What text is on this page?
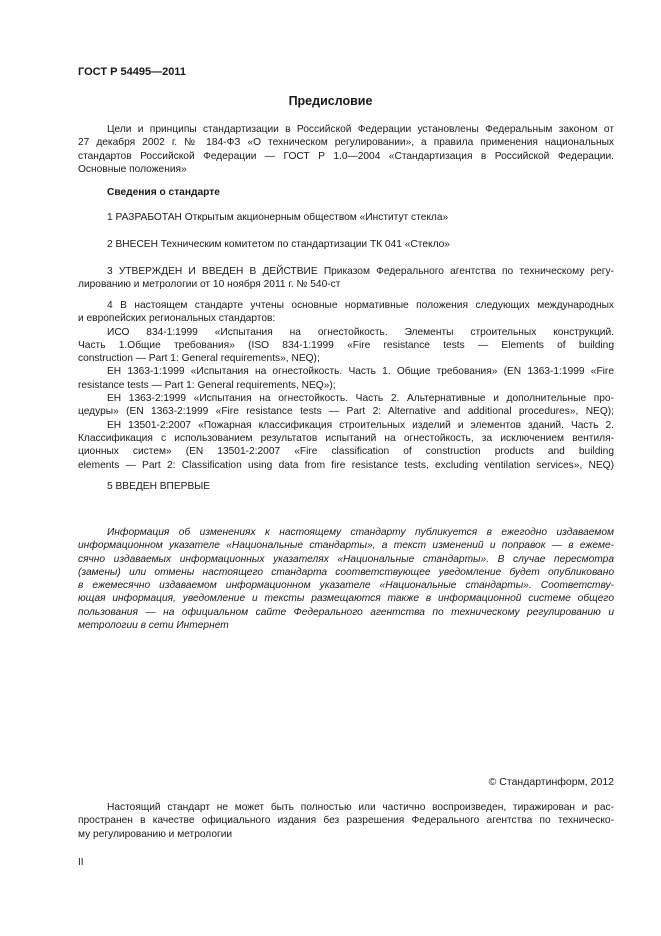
ГОСТ Р 54495—2011
Предисловие
Цели и принципы стандартизации в Российской Федерации установлены Федеральным законом от
27 декабря 2002 г. № 184-ФЗ «О техническом регулировании», а правила применения национальных
стандартов Российской Федерации — ГОСТ Р 1.0—2004 «Стандартизация в Российской Федерации.
Основные положения»
Сведения о стандарте
1 РАЗРАБОТАН Открытым акционерным обществом «Институт стекла»
2 ВНЕСЕН Техническим комитетом по стандартизации ТК 041 «Стекло»
3 УТВЕРЖДЕН И ВВЕДЕН В ДЕЙСТВИЕ Приказом Федерального агентства по техническому регу-
лированию и метрологии от 10 ноября 2011 г. № 540-ст
4 В настоящем стандарте учтены основные нормативные положения следующих международных
и европейских региональных стандартов:
ИСО 834-1:1999 «Испытания на огнестойкость. Элементы строительных конструкций.
Часть 1.Общие требования» (ISO 834-1:1999 «Fire resistance tests — Elements of building
construction — Part 1: General requirements», NEQ);
ЕН 1363-1:1999 «Испытания на огнестойкость. Часть 1. Общие требования» (EN 1363-1:1999 «Fire
resistance tests — Part 1: General requirements, NEQ»);
ЕН 1363-2:1999 «Испытания на огнестойкость. Часть 2. Альтернативные и дополнительные про-
цедуры» (EN 1363-2:1999 «Fire resistance tests — Part 2: Alternative and additional procedures», NEQ);
ЕН 13501-2:2007 «Пожарная классификация строительных изделий и элементов зданий. Часть 2.
Классификация с использованием результатов испытаний на огнестойкость, за исключением вентиля-
ционных систем» (EN 13501-2:2007 «Fire classification of construction products and building
elements — Part 2: Classification using data from fire resistance tests, excluding ventilation services», NEQ)
5 ВВЕДЕН ВПЕРВЫЕ
Информация об изменениях к настоящему стандарту публикуется в ежегодно издаваемом
информационном указателе «Национальные стандарты», а текст изменений и поправок — в ежеме-
сячно издаваемых информационных указателях «Национальные стандарты». В случае пересмотра
(замены) или отмены настоящего стандарта соответствующее уведомление будет опубликовано
в ежемесячно издаваемом информационном указателе «Национальные стандарты». Соответству-
ющая информация, уведомление и тексты размещаются также в информационной системе общего
пользования — на официальном сайте Федерального агентства по техническому регулированию и
метрологии в сети Интернет
© Стандартинформ, 2012
Настоящий стандарт не может быть полностью или частично воспроизведен, тиражирован и рас-
пространен в качестве официального издания без разрешения Федерального агентства по техническо-
му регулированию и метрологии
II
